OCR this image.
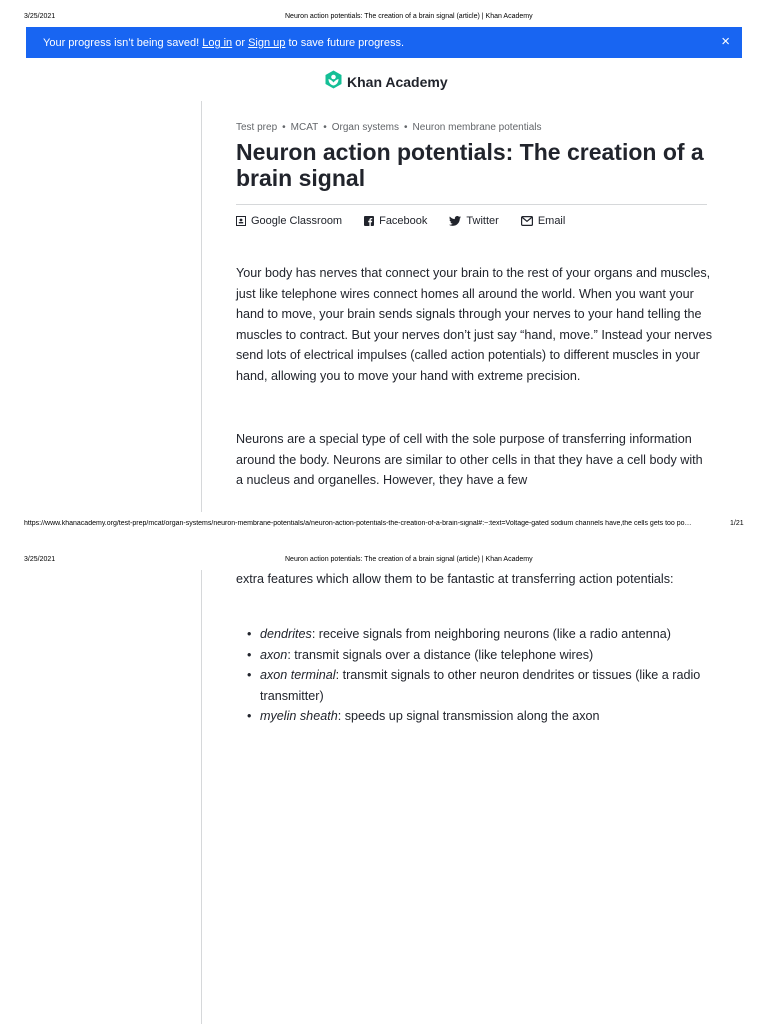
3/25/2021	Neuron action potentials: The creation of a brain signal (article) | Khan Academy
Your progress isn’t being saved!
Log in or Sign up to save future progress.	×
Khan Academy
Test prep • MCAT • Organ systems • Neuron membrane potentials
Neuron action potentials: The creation of a brain signal
Google Classroom	Facebook	Twitter	Email

Your body has nerves that connect your brain to the rest of your organs and muscles, just like telephone wires connect homes all around the world. When you want your hand to move, your brain sends signals through your nerves to your hand telling the muscles to contract. But your nerves don’t just say “hand, move.” Instead your nerves send lots of electrical impulses (called action potentials) to different muscles in your hand, allowing you to move your hand with extreme precision.

Neurons are a special type of cell with the sole purpose of transferring information around the body. Neurons are similar to other cells in that they have a cell body with a nucleus and organelles. However, they have a few

https://www.khanacademy.org/test-prep/mcat/organ-systems/neuron-membrane-potentials/a/neuron-action-potentials-the-creation-of-a-brain-signal#:~:text=Voltage-gated sodium channels have,the cells gets too po…	1/21
3/25/2021	Neuron action potentials: The creation of a brain signal (article) | Khan Academy

extra features which allow them to be fantastic at transferring action potentials:

• dendrites: receive signals from neighboring neurons (like a radio antenna)
• axon: transmit signals over a distance (like telephone wires)
• axon terminal: transmit signals to other neuron dendrites or tissues (like a radio transmitter)
• myelin sheath: speeds up signal transmission along the axon
